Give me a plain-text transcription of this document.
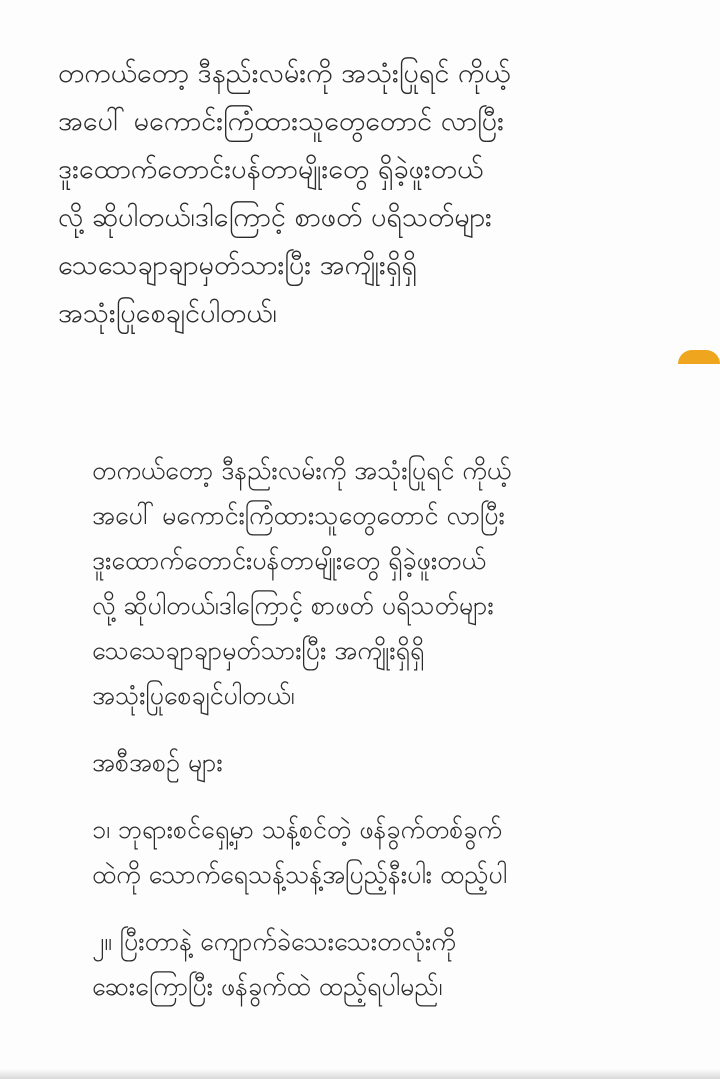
တကယ်တော့ ဒီနည်းလမ်းကို အသုံးပြုရင် ကိုယ့်
အပေါ် မကောင်းကြံထားသူတွေတောင် လာပြီး
ဒူးထောက်တောင်းပန်တာမျိုးတွေ ရှိခဲ့ဖူးတယ်
လို့ ဆိုပါတယ်၊ဒါကြောင့် စာဖတ် ပရိသတ်များ
သေသေချာချာမှတ်သားပြီး အကျိုးရှိရှိ
အသုံးပြုစေချင်ပါတယ်၊
တကယ်တော့ ဒီနည်းလမ်းကို အသုံးပြုရင် ကိုယ့်
အပေါ် မကောင်းကြံထားသူတွေတောင် လာပြီး
ဒူးထောက်တောင်းပန်တာမျိုးတွေ ရှိခဲ့ဖူးတယ်
လို့ ဆိုပါတယ်၊ဒါကြောင့် စာဖတ် ပရိသတ်များ
သေသေချာချာမှတ်သားပြီး အကျိုးရှိရှိ
အသုံးပြုစေချင်ပါတယ်၊
အစီအစဉ် များ
၁၊ ဘုရားစင်ရှေ့မှာ သန့်စင်တဲ့ ဖန်ခွက်တစ်ခွက်
ထဲကို သောက်ရေသန့်သန့်အပြည့်နီးပါး ထည့်ပါ
၂။ ပြီးတာနဲ့ ကျောက်ခဲသေးသေးတလုံးကို
ဆေးကြောပြီး ဖန်ခွက်ထဲ ထည့်ရပါမည်၊
